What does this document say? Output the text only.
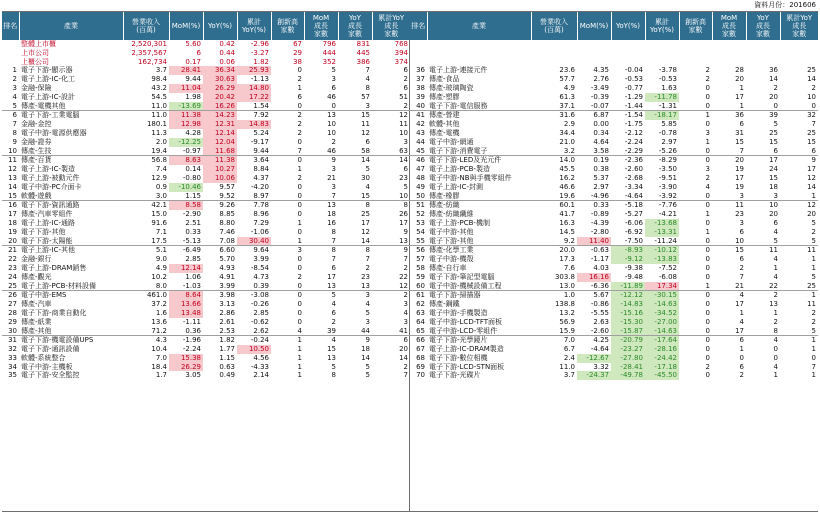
資料月份：201606
排名	產業	營業收入
(百萬)	MoM(%)	YoY(%)	累計
YoY(%)	創新高
家數	MoM
成長
家數	YoY
成長
家數	累計YoY
成長
家數
	整體上市櫃	2,520,301	5.60	0.42	-2.96	67	796	831	768
	上市公司	2,357,567	6	0.44	-3.27	29	444	445	394
	上櫃公司	162,734	0.17	0.06	1.82	38	352	386	374
1	電子下游-顯示器	3.7	28.41	36.34	25.93	0	5	7	6
2	電子上游-IC-化工	98.4	9.44	30.63	-1.13	2	3	4	2
3	金融-保險	43.2	11.04	26.29	14.80	1	6	8	6
4	電子上游-IC-設計	54.5	1.98	20.42	17.22	6	46	57	51
5	傳產-電機其他	11.0	-13.69	16.26	1.54	0	0	3	2
6	電子下游-工業電腦	11.0	11.38	14.23	7.92	2	13	15	12
7	金融-金控	180.1	12.98	12.31	14.83	2	10	11	11
8	電子中游-電源供應器	11.3	4.28	12.14	5.24	2	10	12	10
9	金融-證券	2.0	-12.25	12.04	-9.17	0	2	6	3
10	傳產-生技	19.4	-0.97	11.68	9.44	7	46	58	63
11	傳產-百貨	56.8	8.63	11.38	3.64	0	9	14	14
12	電子上游-IC-製造	7.4	0.14	10.27	8.84	1	3	5	6
13	電子上游-被動元件	12.9	-0.80	10.06	4.37	2	21	30	23
14	電子中游-PC介面卡	0.9	-10.46	9.57	-4.20	0	3	4	5
15	軟體-遊戲	3.0	1.15	9.52	8.97	0	7	15	10
16	電子下游-資訊通路	42.1	8.58	9.26	7.78	0	13	8	8
17	傳產-汽車零組件	15.0	-2.90	8.85	8.96	0	18	25	26
18	電子上游-IC-通路	91.6	2.51	8.80	7.29	1	16	17	17
19	電子下游-其他	7.1	0.33	7.46	-1.06	0	8	12	9
20	電子下游-太陽能	17.5	-5.13	7.08	30.40	1	7	14	13
21	電子上游-IC-其他	5.1	-6.49	6.60	9.64	3	8	8	9
22	金融-銀行	9.0	2.85	5.70	3.99	0	7	7	7
23	電子上游-DRAM銷售	4.9	12.14	4.93	-8.54	0	6	2	2
24	傳產-觀光	10.2	1.06	4.91	4.73	2	17	23	22
25	電子上游-PCB-材料設備	8.0	-1.03	3.99	0.39	0	13	13	12
26	電子中游-EMS	461.0	8.64	3.98	-3.08	0	5	3	2
27	傳產-汽車	37.2	13.66	3.13	-0.26	0	4	4	3
28	電子下游-商業自動化	1.6	13.48	2.86	2.85	0	6	5	4
29	傳產-紙業	13.6	-1.11	2.61	-0.62	0	2	3	3
30	傳產-其他	71.2	0.36	2.53	2.62	4	39	44	41
31	電子下游-機電設備UPS	4.3	-1.96	1.82	-0.24	1	4	9	6
32	電子下游-通訊設備	10.4	-2.24	1.77	10.50	1	15	18	20
33	軟體-系統整合	7.0	15.38	1.15	4.56	1	13	14	14
34	電子中游-主機板	18.4	26.29	0.63	-4.33	1	5	5	2
35	電子下游-安全監控	1.7	3.05	0.49	2.14	1	8	5	7
排名	產業	營業收入
(百萬)	MoM(%)	YoY(%)	累計
YoY(%)	創新高
家數	MoM
成長
家數	YoY
成長
家數	累計YoY
成長
家數

36	電子上游-連接元件	23.6	4.35	-0.04	-3.78	2	28	36	25
37	傳產-食品	57.7	2.76	-0.53	-0.53	2	20	14	14
38	傳產-玻璃陶瓷	4.9	-3.49	-0.77	1.63	0	1	2	2
39	傳產-塑膠	61.3	-0.39	-1.29	-11.78	0	17	20	10
40	電子下游-電信服務	37.1	-0.07	-1.44	-1.31	0	1	0	0
41	傳產-營建	31.6	6.87	-1.54	-18.17	1	36	39	32
42	軟體-其他	2.9	0.00	-1.75	5.85	0	6	5	7
43	傳產-電機	34.4	0.34	-2.12	-0.78	3	31	25	25
44	電子中游-網通	21.0	4.64	-2.24	2.97	1	15	15	15
45	電子下游-消費電子	3.2	3.58	-2.29	-5.26	0	7	6	6
46	電子下游-LED及光元件	14.0	0.19	-2.36	-8.29	0	20	17	9
47	電子上游-PCB-製造	45.5	0.38	-2.60	-3.50	3	19	24	17
48	電子中游-NB與手機零組件	16.2	5.37	-2.68	-9.51	2	17	15	12
49	電子上游-IC-封測	46.6	2.97	-3.34	-3.90	4	19	18	14
50	傳產-橡膠	19.6	-4.96	-4.64	-3.92	0	3	3	1
51	傳產-紡織	60.1	0.33	-5.18	-7.76	0	11	10	12
52	傳產-紡織纖維	41.7	-0.89	-5.27	-4.21	1	23	20	20
53	電子上游-PCB-機制	16.3	-4.39	-6.06	-13.68	0	3	6	5
54	電子中游-其他	14.5	-2.80	-6.92	-13.31	1	6	4	2
55	電子下游-其他	9.2	11.40	-7.50	-11.24	0	10	5	5
56	傳產-化學工業	20.0	-0.63	-8.93	-10.12	0	15	11	11
57	電子中游-機殼	17.3	-1.17	-9.12	-13.83	0	6	4	1
58	傳產-自行車	7.6	4.03	-9.38	-7.52	0	2	1	1
59	電子下游-筆記型電腦	303.8	16.16	-9.48	-6.08	0	7	4	5
60	電子中游-機械設備工程	13.0	-6.36	-11.89	17.34	1	21	22	25
61	電子下游-掃描器	1.0	5.67	-12.12	-30.15	0	4	2	1
62	傳產-鋼鐵	138.8	-0.86	-14.83	-14.63	0	17	13	11
63	電子中游-手機製造	13.2	-5.55	-15.16	-34.52	0	1	1	2
64	電子中游-LCD-TFT面板	56.9	2.63	-15.30	-27.00	0	4	2	2
65	電子中游-LCD-零組件	15.9	-2.60	-15.87	-14.63	0	17	8	5
66	電子下游-光學鏡片	7.0	4.25	-20.79	-17.64	0	6	4	1
67	電子上游-IC-DRAM製造	6.7	-4.64	-23.27	-28.16	0	1	0	1
68	電子下游-數位相機	2.4	-12.67	-27.80	-24.42	0	0	0	0
69	電子下游-LCD-STN面板	11.0	3.32	-28.41	-17.18	2	6	4	7
70	電子下游-光碟片	3.7	-24.37	-49.78	-45.50	0	2	1	1
